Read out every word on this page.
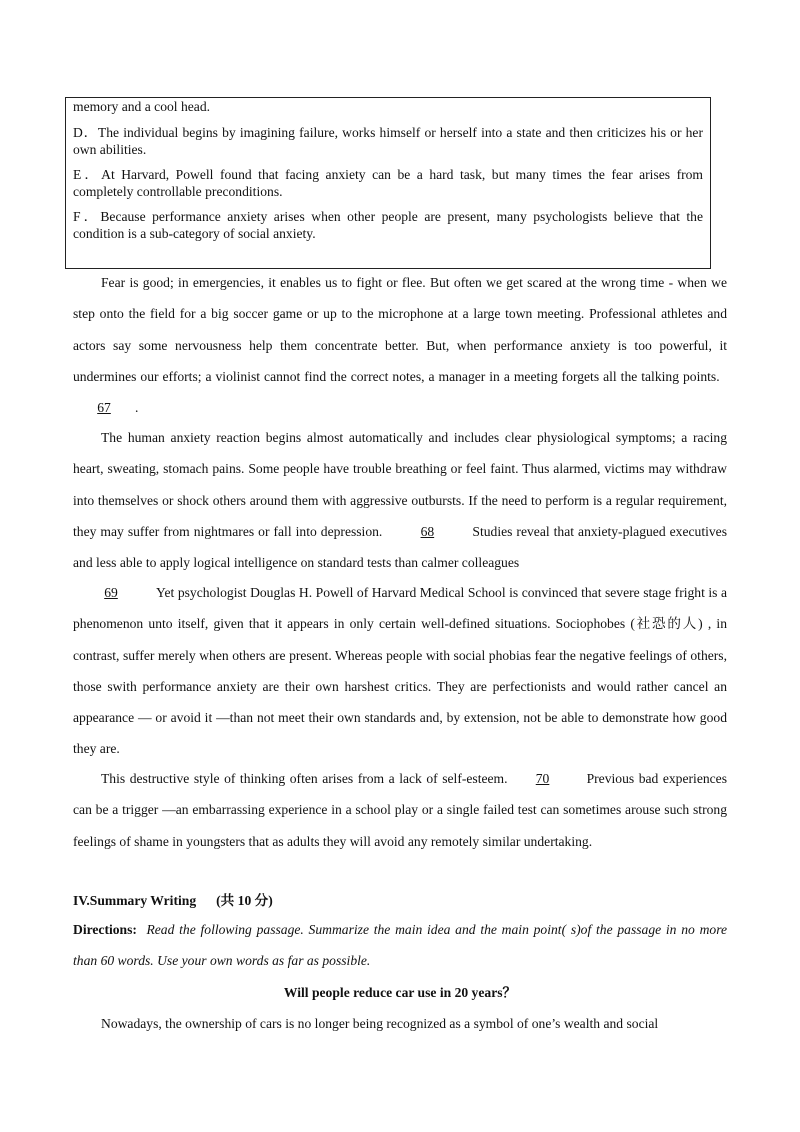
memory and a cool head.

D．The individual begins by imagining failure, works himself or herself into a state and then criticizes his or her own abilities.

E．At Harvard, Powell found that facing anxiety can be a hard task, but many times the fear arises from completely controllable preconditions.

F．Because performance anxiety arises when other people are present, many psychologists believe that the condition is a sub-category of social anxiety.

Fear is good; in emergencies, it enables us to fight or flee. But often we get scared at the wrong time - when we step onto the field for a big soccer game or up to the microphone at a large town meeting. Professional athletes and actors say some nervousness help them concentrate better. But, when performance anxiety is too powerful, it undermines our efforts; a violinist cannot find the correct notes, a manager in a meeting forgets all the talking points.  67 .

The human anxiety reaction begins almost automatically and includes clear physiological symptoms; a racing heart, sweating, stomach pains. Some people have trouble breathing or feel faint. Thus alarmed, victims may withdraw into themselves or shock others around them with aggressive outbursts. If the need to perform is a regular requirement, they may suffer from nightmares or fall into depression.	68	Studies reveal that anxiety-plagued executives and less able to apply logical intelligence on standard tests than calmer colleagues

69	Yet psychologist Douglas H. Powell of Harvard Medical School is convinced that severe stage fright is a phenomenon unto itself, given that it appears in only certain well-defined situations. Sociophobes (社恐的人) , in contrast, suffer merely when others are present. Whereas people with social phobias fear the negative feelings of others, those swith performance anxiety are their own harshest critics. They are perfectionists and would rather cancel an appearance — or avoid it —than not meet their own standards and, by extension, not be able to demonstrate how good they are.

This destructive style of thinking often arises from a lack of self-esteem. 70	Previous bad experiences can be a trigger —an embarrassing experience in a school play or a single failed test can sometimes arouse such strong feelings of shame in youngsters that as adults they will avoid any remotely similar undertaking.

IV.Summary Writing (共 10 分)

Directions: Read the following passage. Summarize the main idea and the main point( s)of the passage in no more than 60 words. Use your own words as far as possible.

Will people reduce car use in 20 years？

Nowadays, the ownership of cars is no longer being recognized as a symbol of one’s wealth and social
